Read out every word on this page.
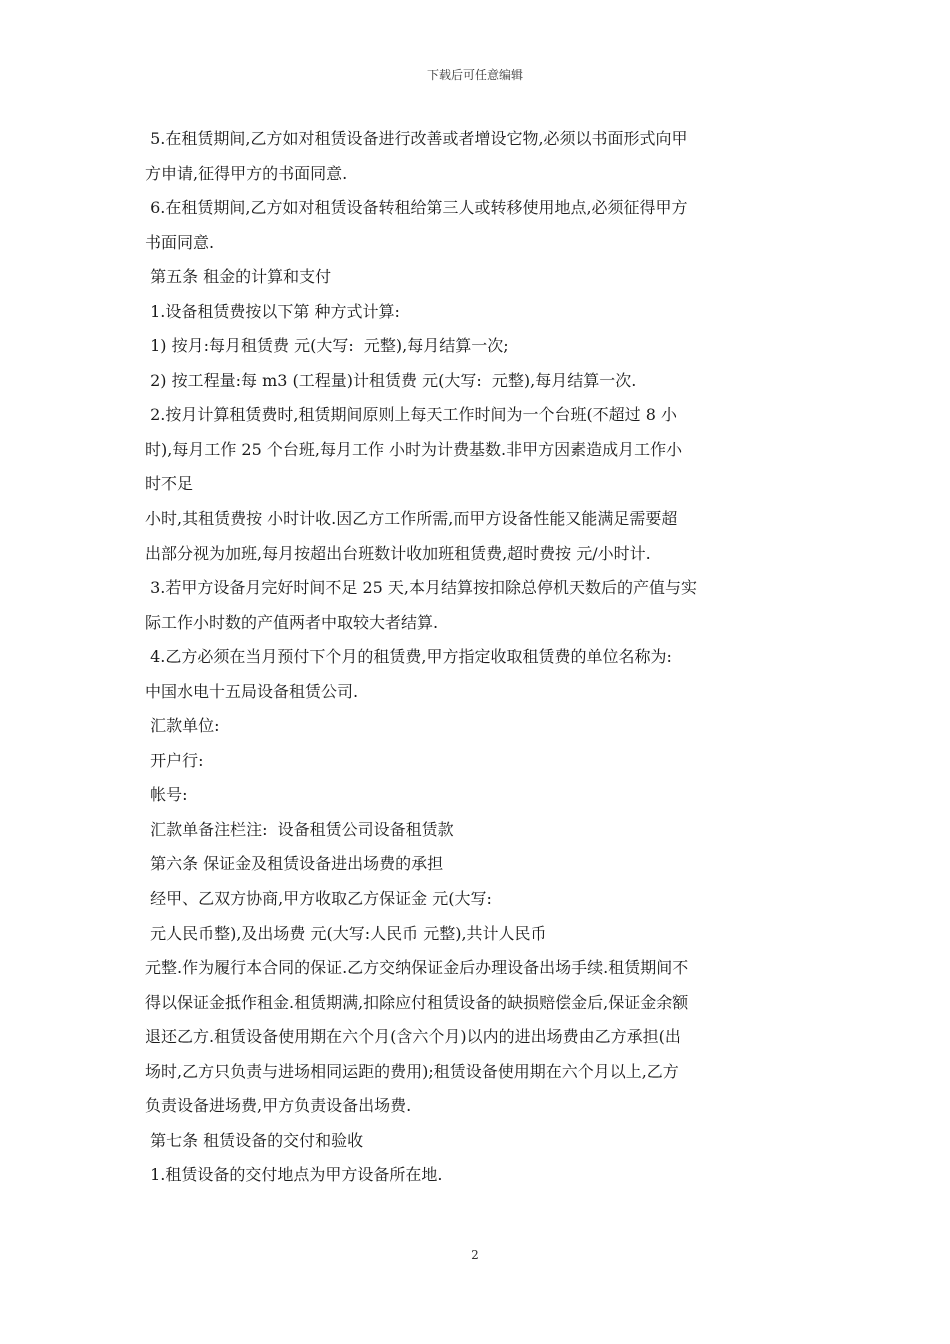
下载后可任意编辑
5.在租赁期间,乙方如对租赁设备进行改善或者增设它物,必须以书面形式向甲
方申请,征得甲方的书面同意.
6.在租赁期间,乙方如对租赁设备转租给第三人或转移使用地点,必须征得甲方
书面同意.
第五条 租金的计算和支付
1.设备租赁费按以下第 种方式计算:
1) 按月:每月租赁费 元(大写:  元整),每月结算一次;
2) 按工程量:每 m3 (工程量)计租赁费 元(大写:  元整),每月结算一次.
2.按月计算租赁费时,租赁期间原则上每天工作时间为一个台班(不超过 8 小
时),每月工作 25 个台班,每月工作 小时为计费基数.非甲方因素造成月工作小
时不足
小时,其租赁费按 小时计收.因乙方工作所需,而甲方设备性能又能满足需要超
出部分视为加班,每月按超出台班数计收加班租赁费,超时费按 元/小时计.
3.若甲方设备月完好时间不足 25 天,本月结算按扣除总停机天数后的产值与实
际工作小时数的产值两者中取较大者结算.
4.乙方必须在当月预付下个月的租赁费,甲方指定收取租赁费的单位名称为:
中国水电十五局设备租赁公司.
汇款单位:
开户行:
帐号:
汇款单备注栏注:  设备租赁公司设备租赁款
第六条 保证金及租赁设备进出场费的承担
经甲、乙双方协商,甲方收取乙方保证金 元(大写:
元人民币整),及出场费 元(大写:人民币 元整),共计人民币
元整.作为履行本合同的保证.乙方交纳保证金后办理设备出场手续.租赁期间不
得以保证金抵作租金.租赁期满,扣除应付租赁设备的缺损赔偿金后,保证金余额
退还乙方.租赁设备使用期在六个月(含六个月)以内的进出场费由乙方承担(出
场时,乙方只负责与进场相同运距的费用);租赁设备使用期在六个月以上,乙方
负责设备进场费,甲方负责设备出场费.
第七条 租赁设备的交付和验收
1.租赁设备的交付地点为甲方设备所在地.
2
